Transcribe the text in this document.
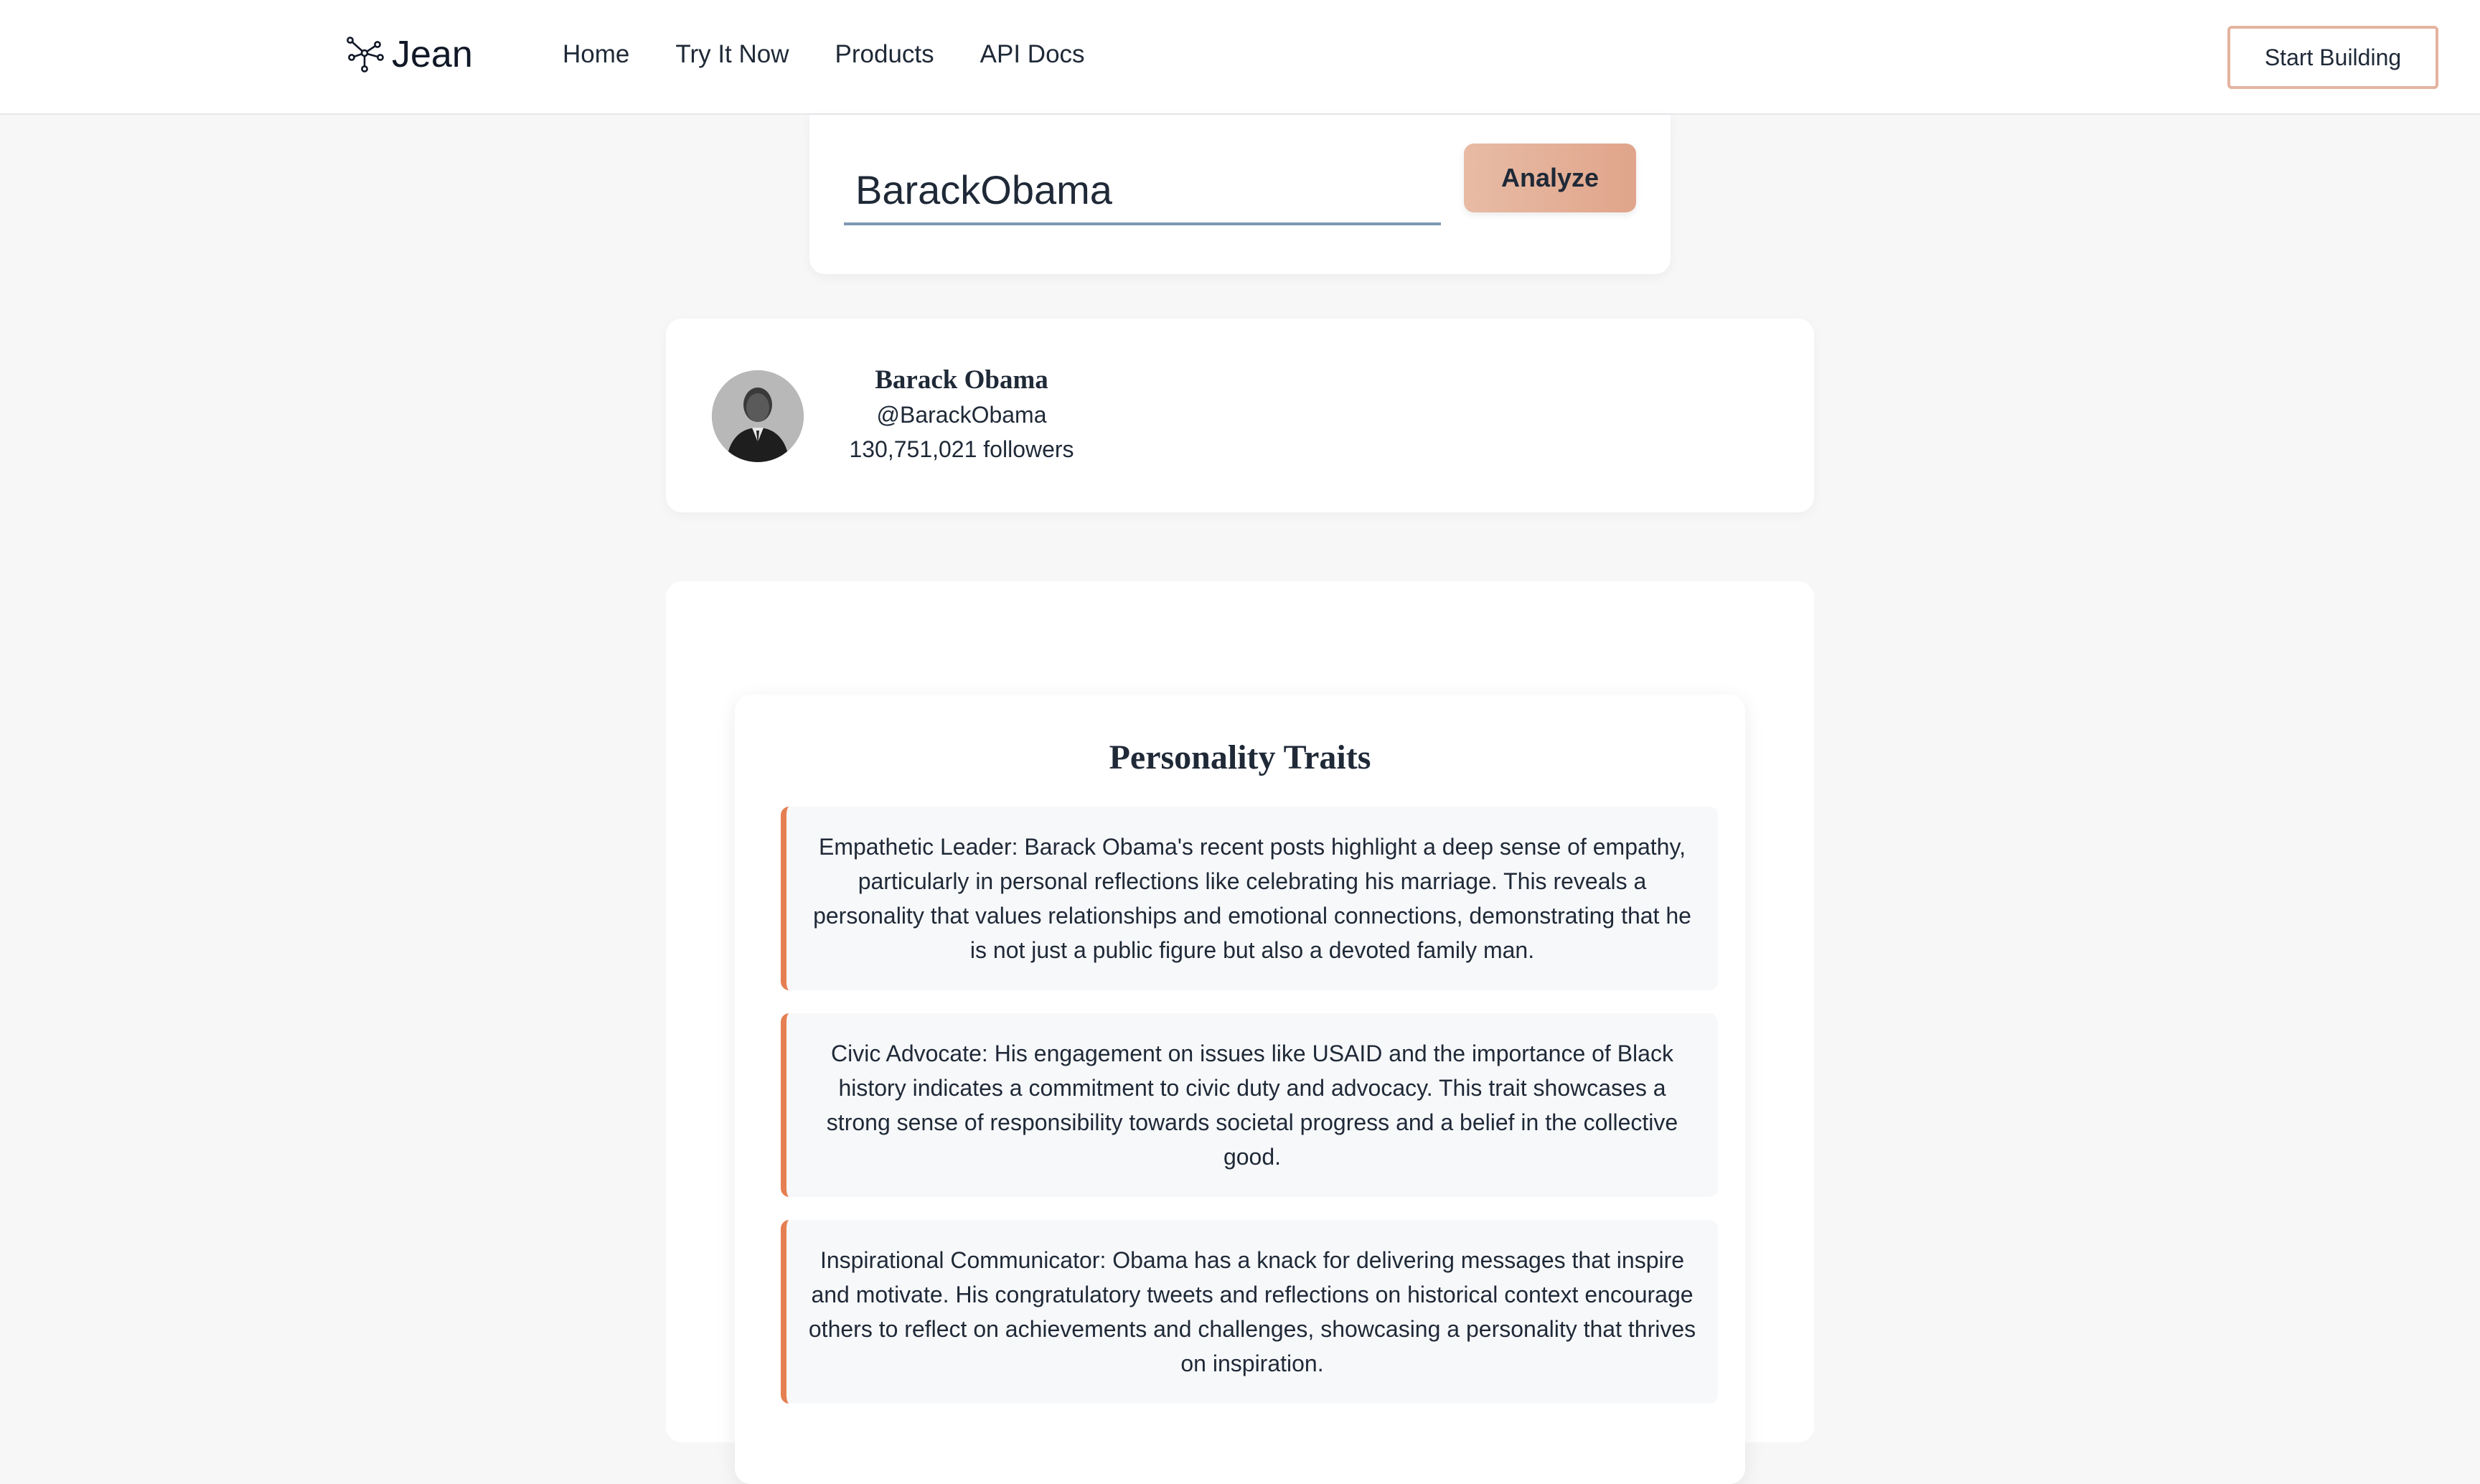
Jean	Home Try It Now Products API Docs	Start Building
BarackObama
Analyze
Barack Obama
@BarackObama
130,751,021 followers
Personality Traits

Empathetic Leader: Barack Obama's recent posts highlight a deep sense of empathy, particularly in personal reflections like celebrating his marriage. This reveals a personality that values relationships and emotional connections, demonstrating that he is not just a public figure but also a devoted family man.

Civic Advocate: His engagement on issues like USAID and the importance of Black history indicates a commitment to civic duty and advocacy. This trait showcases a strong sense of responsibility towards societal progress and a belief in the collective good.

Inspirational Communicator: Obama has a knack for delivering messages that inspire and motivate. His congratulatory tweets and reflections on historical context encourage others to reflect on achievements and challenges, showcasing a personality that thrives on inspiration.
